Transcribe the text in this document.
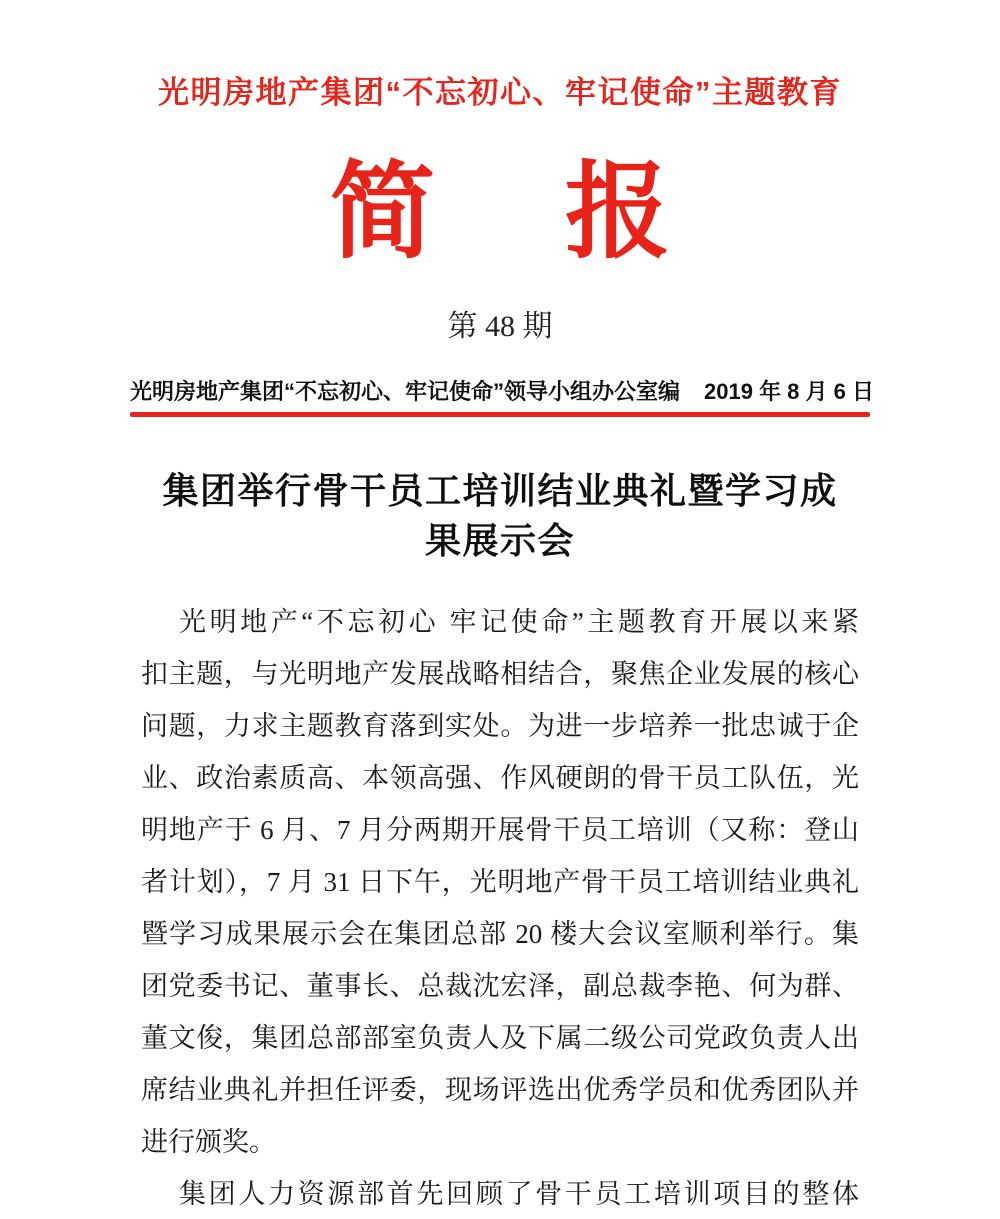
光明房地产集团“不忘初心、牢记使命”主题教育
简 报
第 48 期
光明房地产集团“不忘初心、牢记使命”领导小组办公室编 2019 年 8 月 6 日
集团举行骨干员工培训结业典礼暨学习成
果展示会
光明地产“不忘初心 牢记使命”主题教育开展以来紧
扣主题，与光明地产发展战略相结合，聚焦企业发展的核心
问题，力求主题教育落到实处。为进一步培养一批忠诚于企
业、政治素质高、本领高强、作风硬朗的骨干员工队伍，光
明地产于 6 月、7 月分两期开展骨干员工培训（又称：登山
者计划），7 月 31 日下午，光明地产骨干员工培训结业典礼
暨学习成果展示会在集团总部 20 楼大会议室顺利举行。集
团党委书记、董事长、总裁沈宏泽，副总裁李艳、何为群、
董文俊，集团总部部室负责人及下属二级公司党政负责人出
席结业典礼并担任评委，现场评选出优秀学员和优秀团队并
进行颁奖。
集团人力资源部首先回顾了骨干员工培训项目的整体
